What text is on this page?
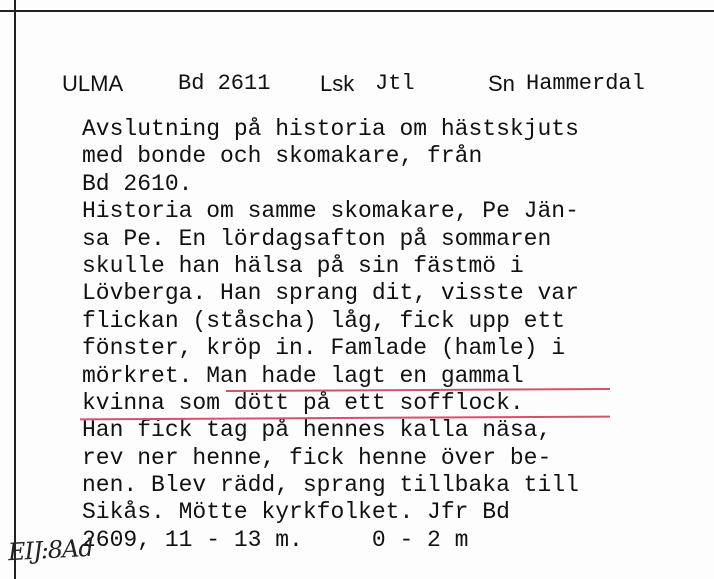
ULMA Bd 2611 Lsk Jtl	Sn Hammerdal
Avslutning på historia om hästskjuts
med bonde och skomakare, från
Bd 2610.
Historia om samme skomakare, Pe Jän-
sa Pe. En lördagsafton på sommaren
skulle han hälsa på sin fästmö i
Lövberga. Han sprang dit, visste var
flickan (ståscha) låg, fick upp ett
fönster, kröp in. Famlade (hamle) i
mörkret. Man hade lagt en gammal
kvinna som dött på ett sofflock.
Han fick tag på hennes kalla näsa,
rev ner henne, fick henne över be-
nen. Blev rädd, sprang tillbaka till
Sikås. Mötte kyrkfolket. Jfr Bd
2609, 11 - 13 m.     0 - 2 m
EIJ:8Ad
